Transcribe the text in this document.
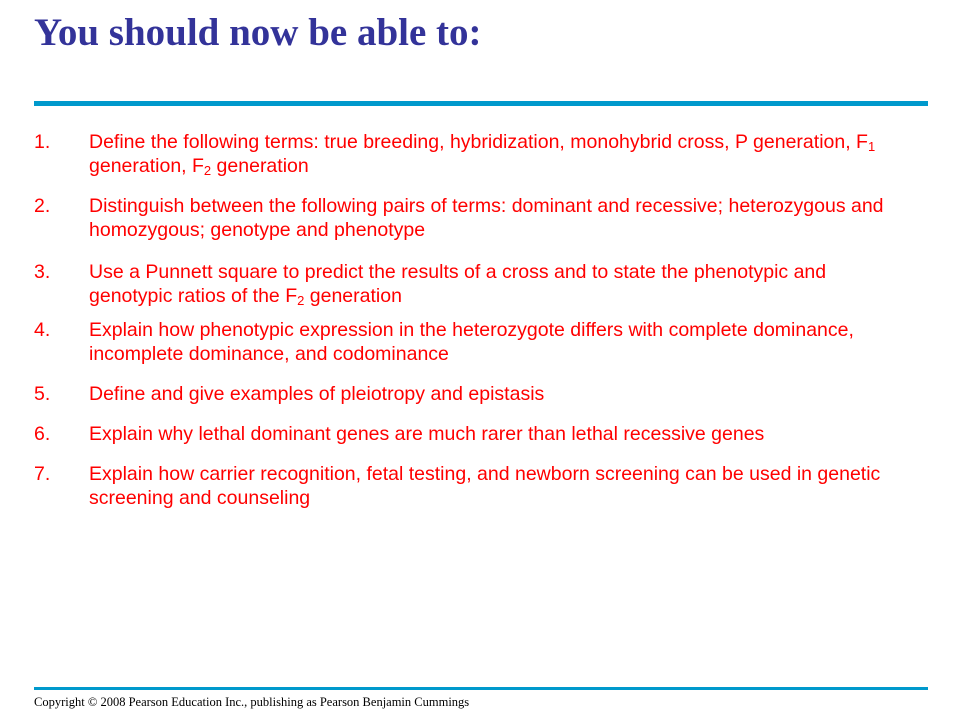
You should now be able to:
1. Define the following terms: true breeding, hybridization, monohybrid cross, P generation, $F_1$ generation, $F_2$ generation
2. Distinguish between the following pairs of terms: dominant and recessive; heterozygous and homozygous; genotype and phenotype
3. Use a Punnett square to predict the results of a cross and to state the phenotypic and genotypic ratios of the $F_2$ generation
4. Explain how phenotypic expression in the heterozygote differs with complete dominance, incomplete dominance, and codominance
5. Define and give examples of pleiotropy and epistasis
6. Explain why lethal dominant genes are much rarer than lethal recessive genes
7. Explain how carrier recognition, fetal testing, and newborn screening can be used in genetic screening and counseling

Copyright © 2008 Pearson Education Inc., publishing as Pearson Benjamin Cummings
